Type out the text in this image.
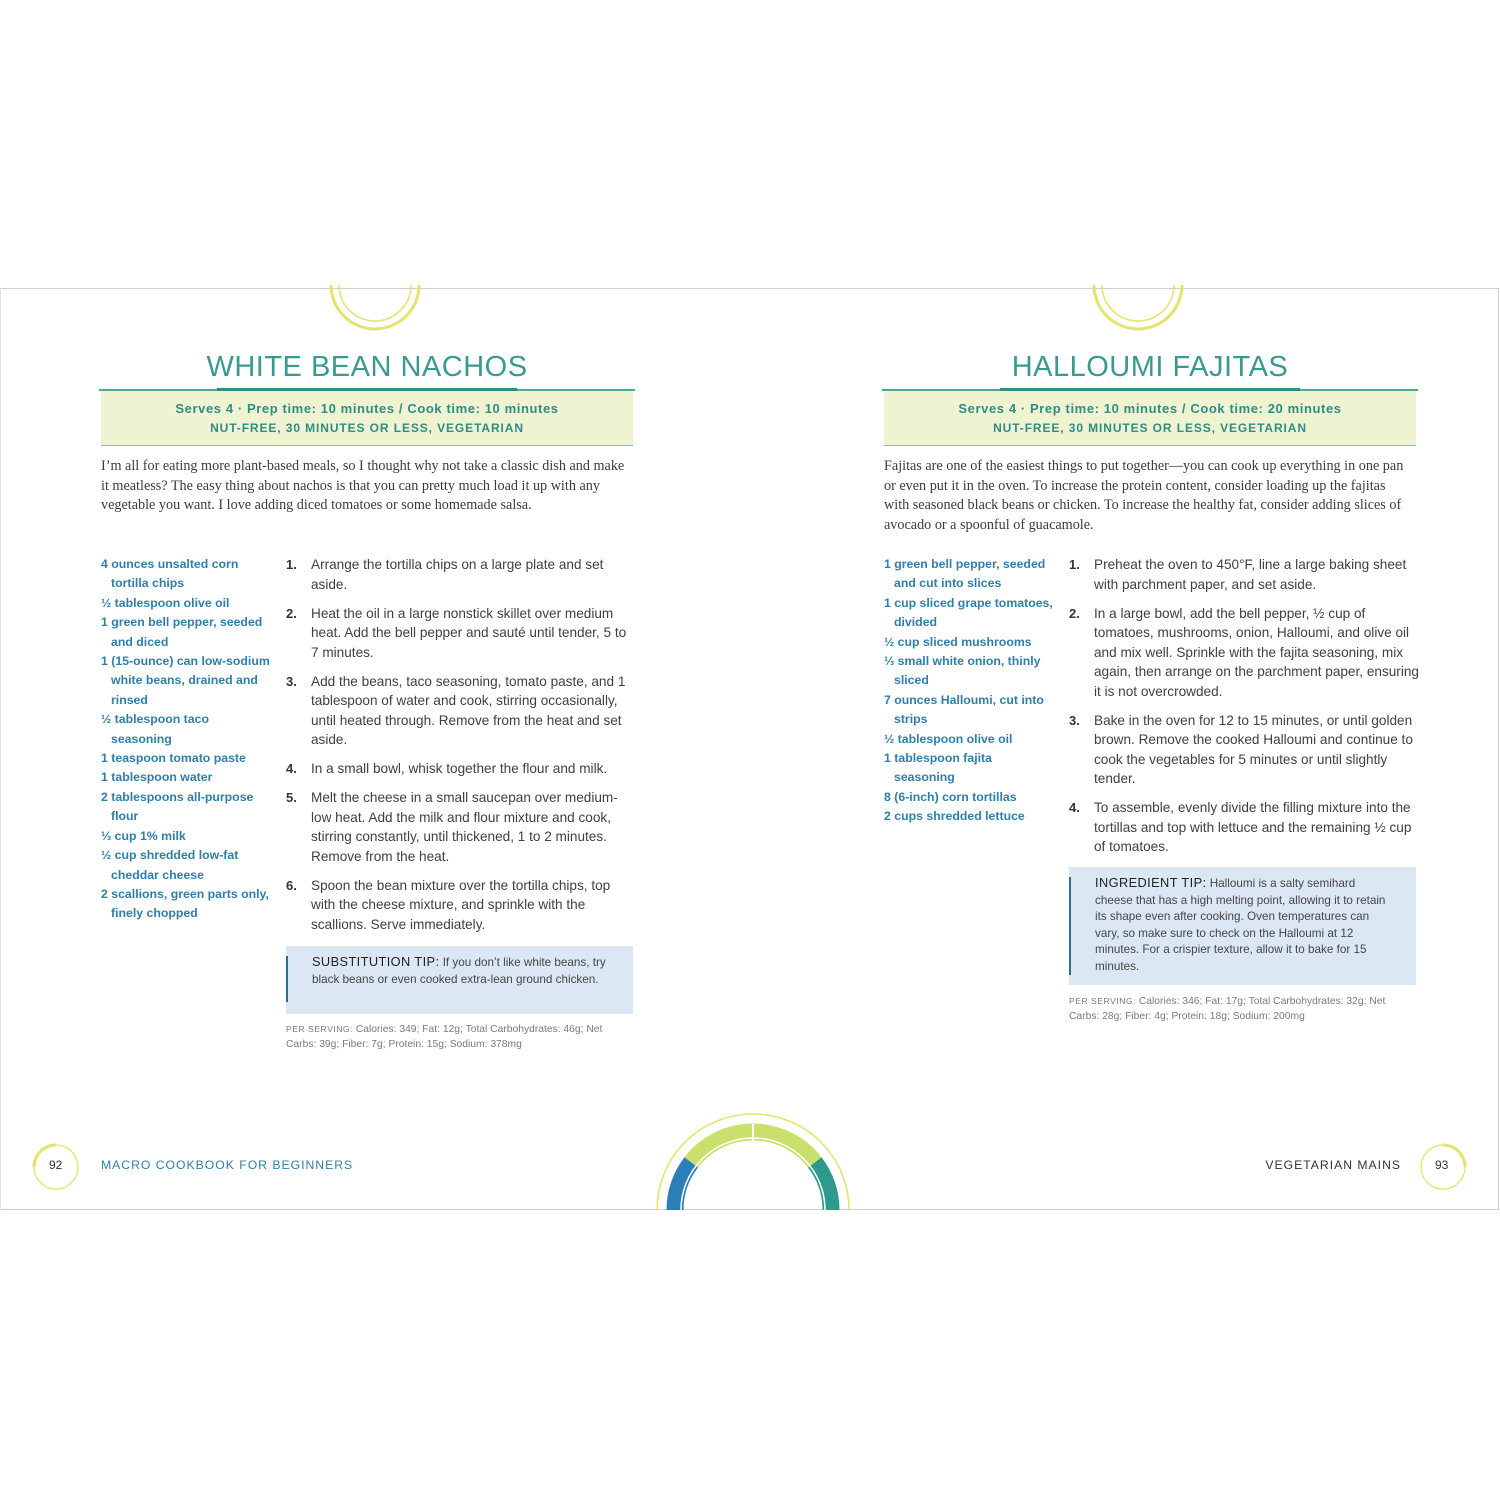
WHITE BEAN NACHOS
Serves 4 · Prep time: 10 minutes / Cook time: 10 minutes
NUT-FREE, 30 MINUTES OR LESS, VEGETARIAN

I’m all for eating more plant-based meals, so I thought why not take a classic dish and make it meatless? The easy thing about nachos is that you can pretty much load it up with any vegetable you want. I love adding diced tomatoes or some homemade salsa.

4 ounces unsalted corn tortilla chips
½ tablespoon olive oil
1 green bell pepper, seeded and diced
1 (15-ounce) can low-sodium white beans, drained and rinsed
½ tablespoon taco seasoning
1 teaspoon tomato paste
1 tablespoon water
2 tablespoons all-purpose flour
⅓ cup 1% milk
½ cup shredded low-fat cheddar cheese
2 scallions, green parts only, finely chopped
1. Arrange the tortilla chips on a large plate and set aside.
2. Heat the oil in a large nonstick skillet over medium heat. Add the bell pepper and sauté until tender, 5 to 7 minutes.
3. Add the beans, taco seasoning, tomato paste, and 1 tablespoon of water and cook, stirring occasionally, until heated through. Remove from the heat and set aside.
4. In a small bowl, whisk together the flour and milk.
5. Melt the cheese in a small saucepan over medium-low heat. Add the milk and flour mixture and cook, stirring constantly, until thickened, 1 to 2 minutes. Remove from the heat.
6. Spoon the bean mixture over the tortilla chips, top with the cheese mixture, and sprinkle with the scallions. Serve immediately.
SUBSTITUTION TIP: If you don’t like white beans, try black beans or even cooked extra-lean ground chicken.
PER SERVING: Calories: 349; Fat: 12g; Total Carbohydrates: 46g; Net Carbs: 39g; Fiber: 7g; Protein: 15g; Sodium: 378mg
MACRO COOKBOOK FOR BEGINNERS
HALLOUMI FAJITAS
Serves 4 · Prep time: 10 minutes / Cook time: 20 minutes
NUT-FREE, 30 MINUTES OR LESS, VEGETARIAN

Fajitas are one of the easiest things to put together—you can cook up everything in one pan or even put it in the oven. To increase the protein content, consider loading up the fajitas with seasoned black beans or chicken. To increase the healthy fat, consider adding slices of avocado or a spoonful of guacamole.

1 green bell pepper, seeded and cut into slices
1 cup sliced grape tomatoes, divided
½ cup sliced mushrooms
⅓ small white onion, thinly sliced
7 ounces Halloumi, cut into strips
½ tablespoon olive oil
1 tablespoon fajita seasoning
8 (6-inch) corn tortillas
2 cups shredded lettuce
1. Preheat the oven to 450°F, line a large baking sheet with parchment paper, and set aside.
2. In a large bowl, add the bell pepper, ½ cup of tomatoes, mushrooms, onion, Halloumi, and olive oil and mix well. Sprinkle with the fajita seasoning, mix again, then arrange on the parchment paper, ensuring it is not overcrowded.
3. Bake in the oven for 12 to 15 minutes, or until golden brown. Remove the cooked Halloumi and continue to cook the vegetables for 5 minutes or until slightly tender.
4. To assemble, evenly divide the filling mixture into the tortillas and top with lettuce and the remaining ½ cup of tomatoes.
INGREDIENT TIP: Halloumi is a salty semihard cheese that has a high melting point, allowing it to retain its shape even after cooking. Oven temperatures can vary, so make sure to check on the Halloumi at 12 minutes. For a crispier texture, allow it to bake for 15 minutes.
PER SERVING: Calories: 346; Fat: 17g; Total Carbohydrates: 32g; Net Carbs: 28g; Fiber: 4g; Protein: 18g; Sodium: 200mg
VEGETARIAN MAINS
92	93
